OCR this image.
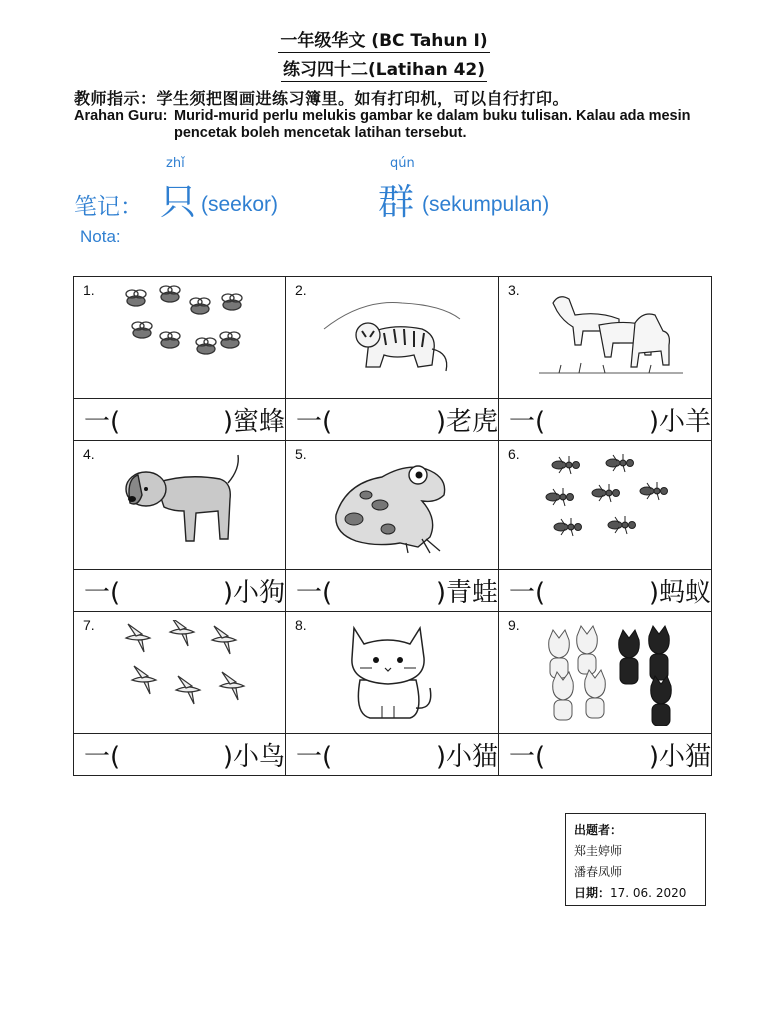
一年级华文 (BC Tahun I)
练习四十二(Latihan 42)
教师指示：学生须把图画进练习簿里。如有打印机，可以自行打印。
Arahan Guru: Murid-murid perlu melukis gambar ke dalam buku tulisan. Kalau ada mesin
pencetak boleh mencetak latihan tersebut.
zhǐ	qún
笔记： 只 (seekor)	群 (sekumpulan)
Nota:
1.	2.	3.

一( )蜜蜂	一( )老虎	一( )小羊

4.	5.	6.

一( )小狗	一( )青蛙	一( )蚂蚁

7.	8.	9.

一( )小鸟	一( )小猫	一( )小猫
出题者：
郑圭婷师
潘春凤师
日期：17. 06. 2020
